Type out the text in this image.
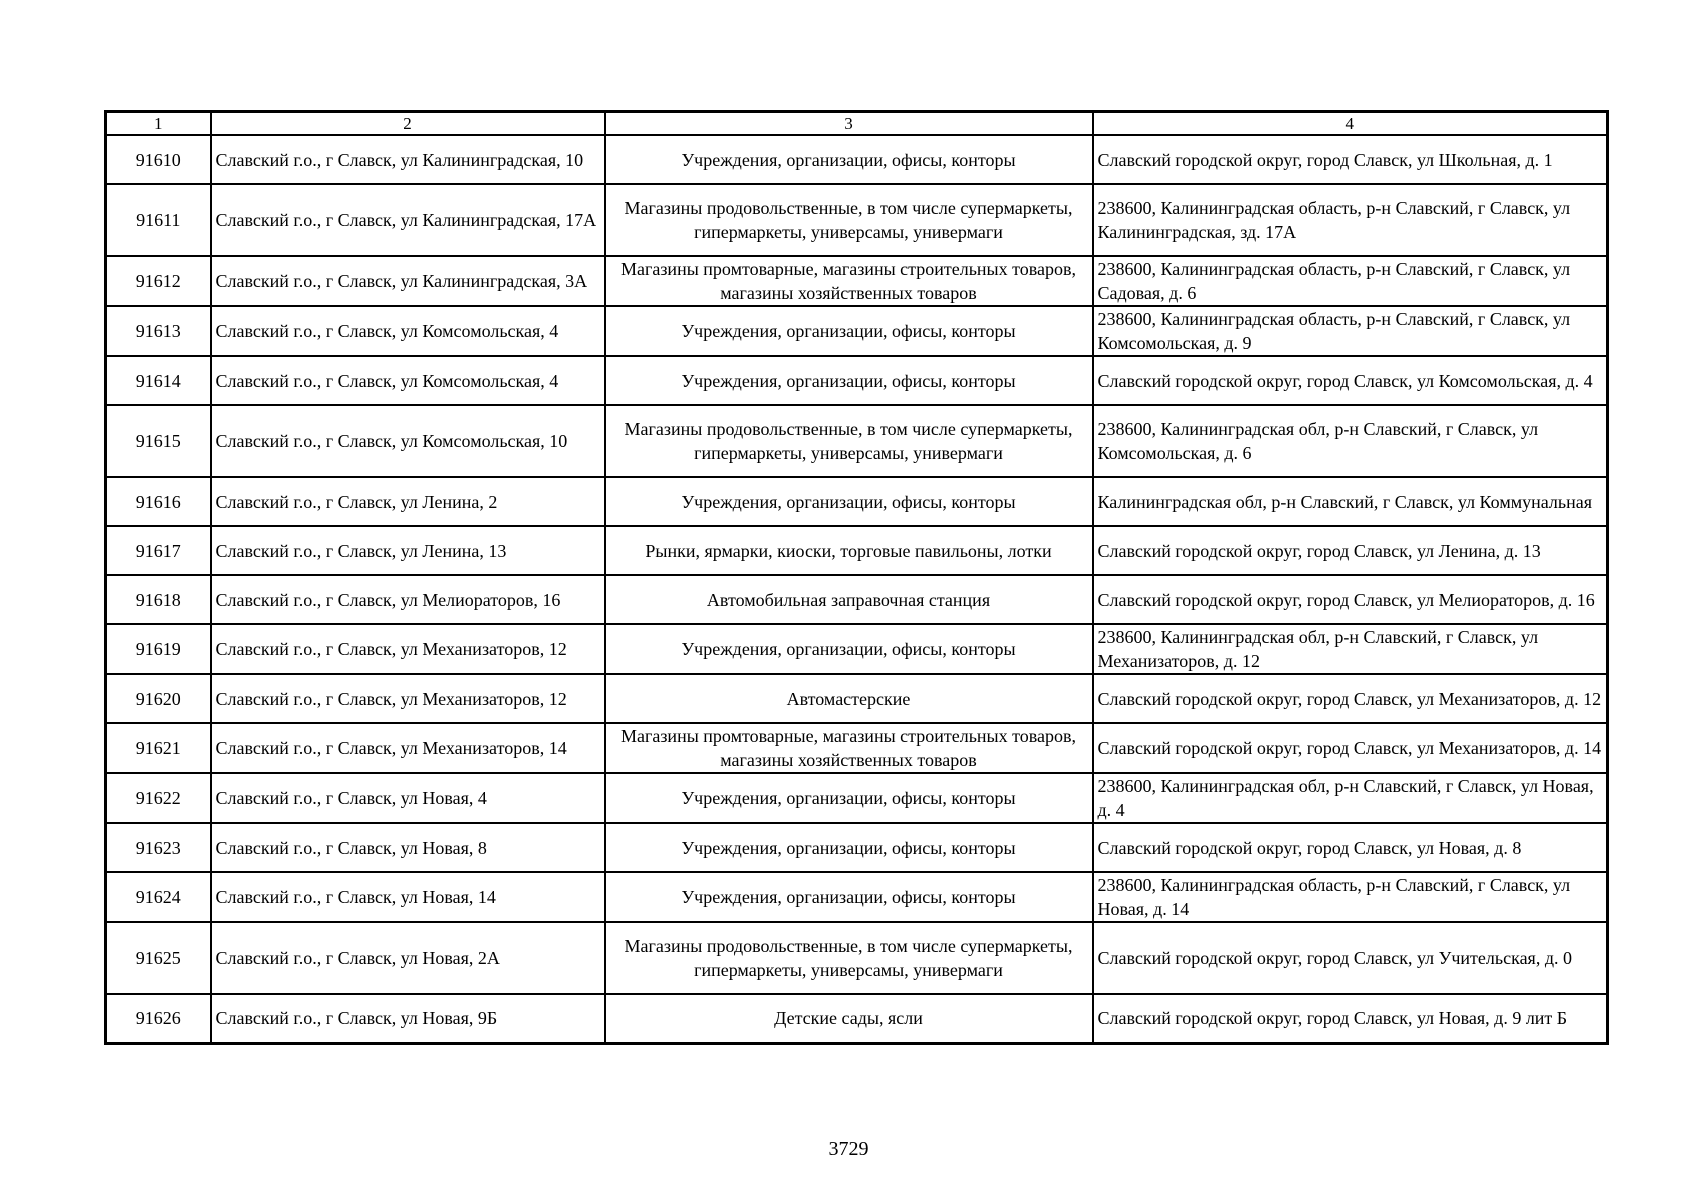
1	2	3	4
91610	Славский г.о., г Славск, ул Калининградская, 10	Учреждения, организации, офисы, конторы	Славский городской округ, город Славск, ул Школьная, д. 1
91611	Славский г.о., г Славск, ул Калининградская, 17А	Магазины продовольственные, в том числе супермаркеты, гипермаркеты, универсамы, универмаги	238600, Калининградская область, р-н Славский, г Славск, ул Калининградская, зд. 17А
91612	Славский г.о., г Славск, ул Калининградская, 3А	Магазины промтоварные, магазины строительных товаров, магазины хозяйственных товаров	238600, Калининградская область, р-н Славский, г Славск, ул Садовая, д. 6
91613	Славский г.о., г Славск, ул Комсомольская, 4	Учреждения, организации, офисы, конторы	238600, Калининградская область, р-н Славский, г Славск, ул Комсомольская, д. 9
91614	Славский г.о., г Славск, ул Комсомольская, 4	Учреждения, организации, офисы, конторы	Славский городской округ, город Славск, ул Комсомольская, д. 4
91615	Славский г.о., г Славск, ул Комсомольская, 10	Магазины продовольственные, в том числе супермаркеты, гипермаркеты, универсамы, универмаги	238600, Калининградская обл, р-н Славский, г Славск, ул Комсомольская, д. 6
91616	Славский г.о., г Славск, ул Ленина, 2	Учреждения, организации, офисы, конторы	Калининградская обл, р-н Славский, г Славск, ул Коммунальная
91617	Славский г.о., г Славск, ул Ленина, 13	Рынки, ярмарки, киоски, торговые павильоны, лотки	Славский городской округ, город Славск, ул Ленина, д. 13
91618	Славский г.о., г Славск, ул Мелиораторов, 16	Автомобильная заправочная станция	Славский городской округ, город Славск, ул Мелиораторов, д. 16
91619	Славский г.о., г Славск, ул Механизаторов, 12	Учреждения, организации, офисы, конторы	238600, Калининградская обл, р-н Славский, г Славск, ул Механизаторов, д. 12
91620	Славский г.о., г Славск, ул Механизаторов, 12	Автомастерские	Славский городской округ, город Славск, ул Механизаторов, д. 12
91621	Славский г.о., г Славск, ул Механизаторов, 14	Магазины промтоварные, магазины строительных товаров, магазины хозяйственных товаров	Славский городской округ, город Славск, ул Механизаторов, д. 14
91622	Славский г.о., г Славск, ул Новая, 4	Учреждения, организации, офисы, конторы	238600, Калининградская обл, р-н Славский, г Славск, ул Новая, д. 4
91623	Славский г.о., г Славск, ул Новая, 8	Учреждения, организации, офисы, конторы	Славский городской округ, город Славск, ул Новая, д. 8
91624	Славский г.о., г Славск, ул Новая, 14	Учреждения, организации, офисы, конторы	238600, Калининградская область, р-н Славский, г Славск, ул Новая, д. 14
91625	Славский г.о., г Славск, ул Новая, 2А	Магазины продовольственные, в том числе супермаркеты, гипермаркеты, универсамы, универмаги	Славский городской округ, город Славск, ул Учительская, д. 0
91626	Славский г.о., г Славск, ул Новая, 9Б	Детские сады, ясли	Славский городской округ, город Славск, ул Новая, д. 9 лит Б
3729
